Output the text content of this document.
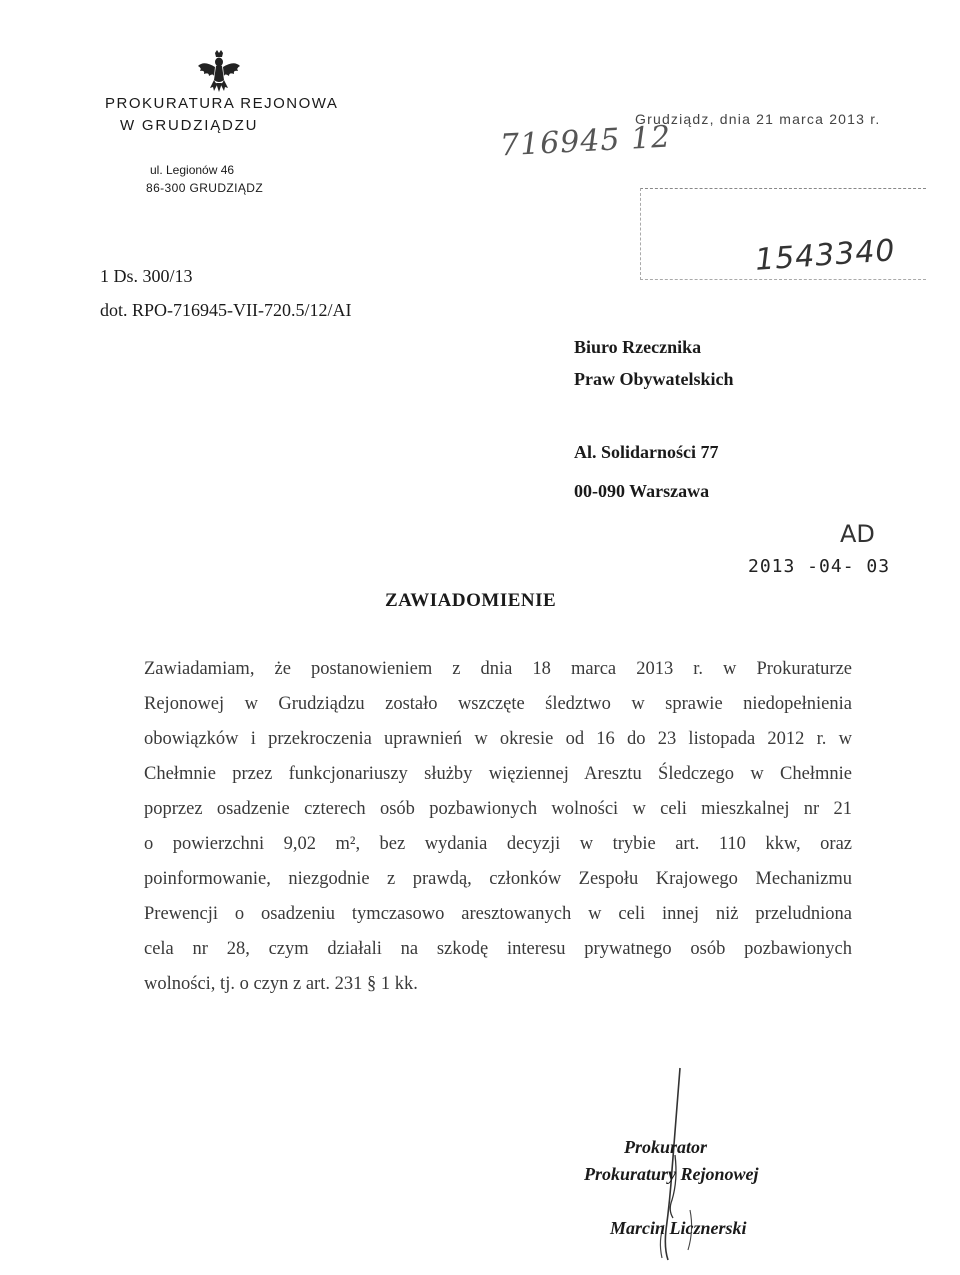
PROKURATURA REJONOWA
W GRUDZIĄDZU
ul. Legionów 46
86-300 GRUDZIĄDZ
Grudziądz, dnia 21 marca 2013 r.
716945 12
1543340
1 Ds. 300/13
dot. RPO-716945-VII-720.5/12/AI
Biuro Rzecznika
Praw Obywatelskich
Al. Solidarności 77
00-090 Warszawa
AD
2013 -04- 03
ZAWIADOMIENIE
Zawiadamiam, że postanowieniem z dnia 18 marca 2013 r. w Prokuraturze
Rejonowej w Grudziądzu zostało wszczęte śledztwo w sprawie niedopełnienia
obowiązków i przekroczenia uprawnień w okresie od 16 do 23 listopada 2012 r. w
Chełmnie przez funkcjonariuszy służby więziennej Aresztu Śledczego w Chełmnie
poprzez osadzenie czterech osób pozbawionych wolności w celi mieszkalnej nr 21
o powierzchni 9,02 m², bez wydania decyzji w trybie art. 110 kkw, oraz
poinformowanie, niezgodnie z prawdą, członków Zespołu Krajowego Mechanizmu
Prewencji o osadzeniu tymczasowo aresztowanych w celi innej niż przeludniona
cela nr 28, czym działali na szkodę interesu prywatnego osób pozbawionych
wolności, tj. o czyn z art. 231 § 1 kk.
Prokurator
Prokuratury Rejonowej
Marcin Licznerski
